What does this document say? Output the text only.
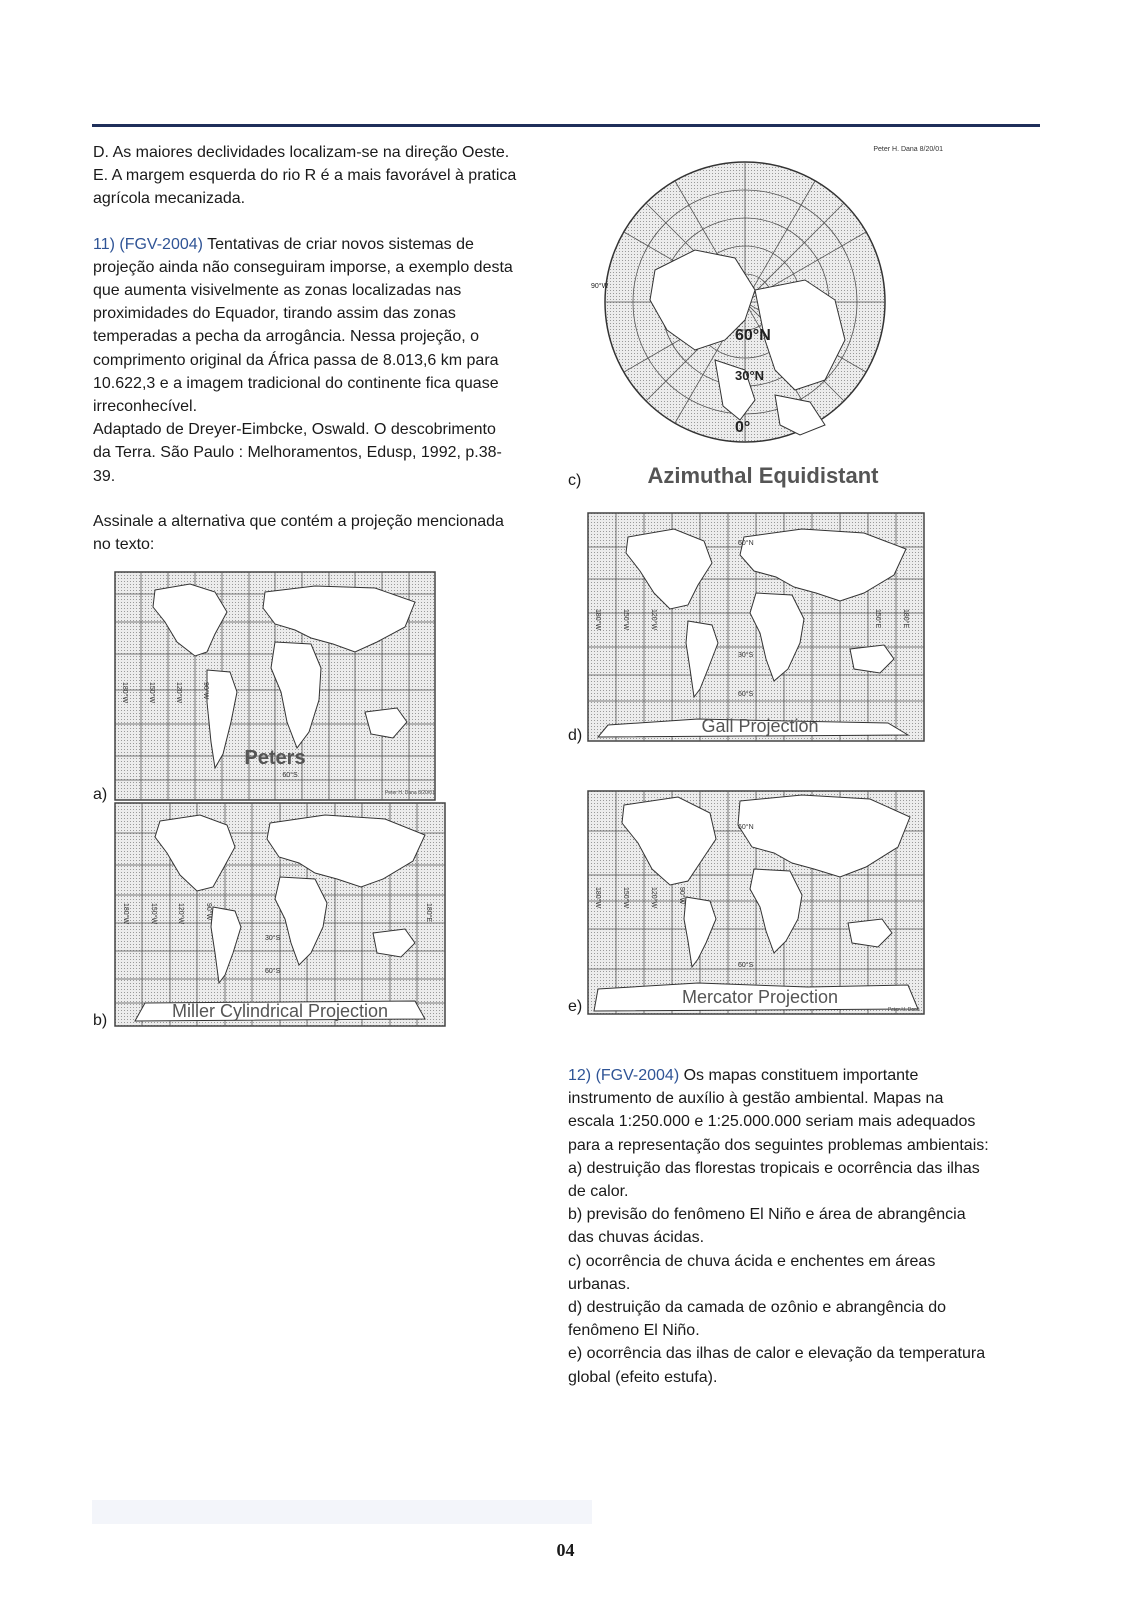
D. As maiores declividades localizam-se na direção Oeste.

E. A margem esquerda do rio R é a mais favorável à pratica

agrícola mecanizada.

11) (FGV-2004) Tentativas de criar novos sistemas de

projeção ainda não conseguiram imporse, a exemplo desta

que aumenta visivelmente as zonas localizadas nas

proximidades do Equador, tirando assim das zonas

temperadas a pecha da arrogância. Nessa projeção, o

comprimento original da África passa de 8.013,6 km para

10.622,3 e a imagem tradicional do continente fica quase

irreconhecível.

Adaptado de Dreyer-Eimbcke, Oswald. O descobrimento

da Terra. São Paulo : Melhoramentos, Edusp, 1992, p.38-

39.

Assinale a alternativa que contém a projeção mencionada

no texto:

Peters
60°S
Peter H. Dana 8/20/01
180°W	150°W	120°W	90°W
a)
Miller Cylindrical Projection
30°S
60°S
180°W	150°W	120°W	90°W	180°E
b)
Peter H. Dana 8/20/01
60°N
30°N
0°
90°W
Azimuthal Equidistant
c)
Gall Projection
60°N
30°S
60°S
180°W	150°W	120°W	150°E	180°E
d)
Mercator Projection
Peter H. Dana
60°N
60°S
180°W	150°W	120°W	90°W
e)

12) (FGV-2004) Os mapas constituem importante

instrumento de auxílio à gestão ambiental. Mapas na

escala 1:250.000 e 1:25.000.000 seriam mais adequados

para a representação dos seguintes problemas ambientais:

a) destruição das florestas tropicais e ocorrência das ilhas

de calor.

b) previsão do fenômeno El Niño e área de abrangência

das chuvas ácidas.

c) ocorrência de chuva ácida e enchentes em áreas

urbanas.

d) destruição da camada de ozônio e abrangência do

fenômeno El Niño.

e) ocorrência das ilhas de calor e elevação da temperatura

global (efeito estufa).

04
